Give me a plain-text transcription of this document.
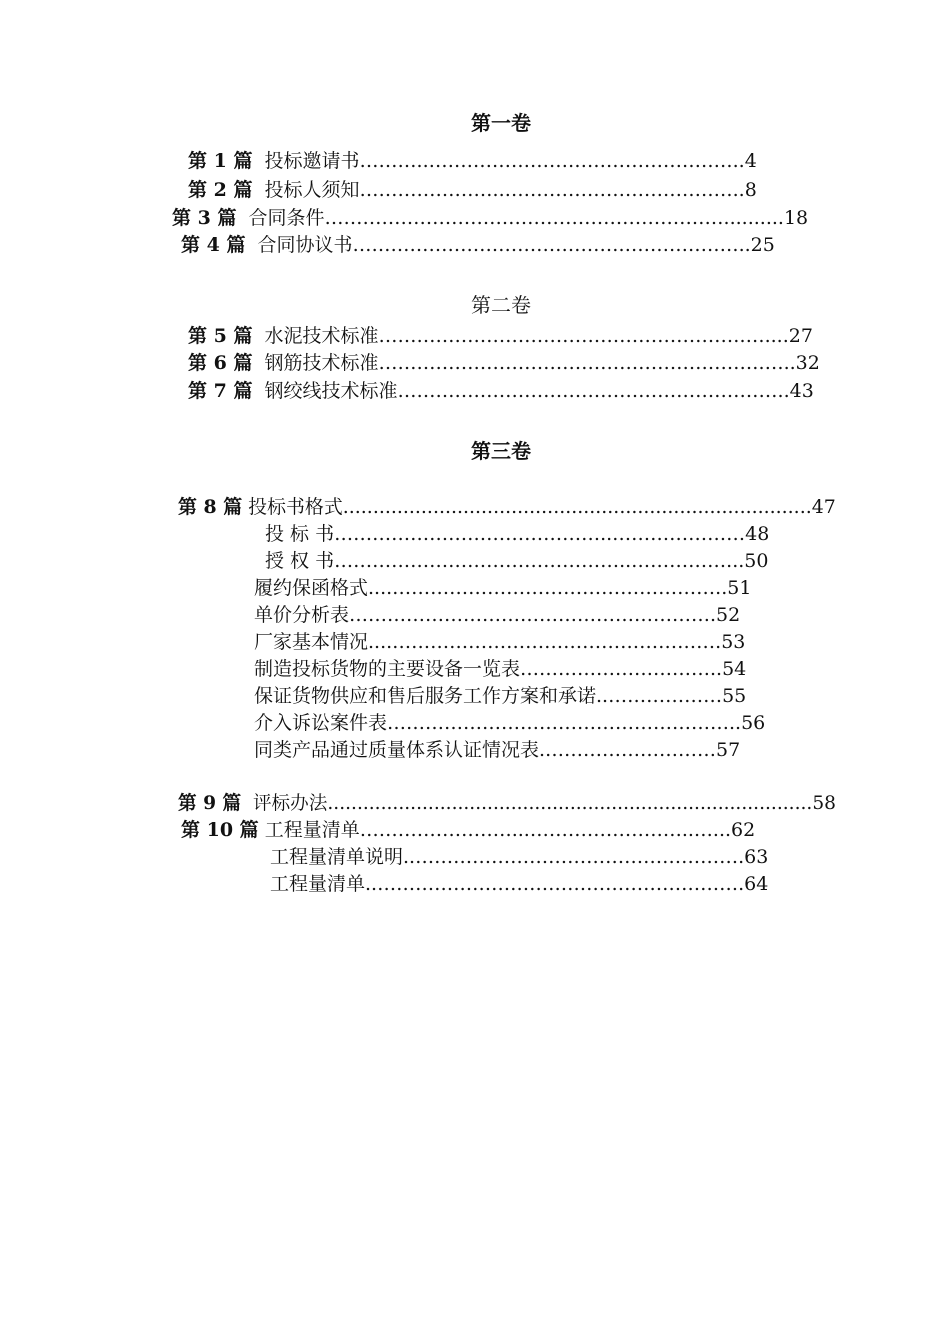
第一卷
第 1 篇 投标邀请书………..…………………………………………..4
第 2 篇 投标人须知…………………..………………………………..8
第 3 篇 合同条件………………………………………………………..........18
第 4 篇 合同协议书…………………………………….………………..25
第二卷
第 5 篇 水泥技术标准………………………………………………….…....27
第 6 篇 钢筋技术标准…………………………………………………….…..32
第 7 篇 钢绞线技术标准……………………………………………………..43
第三卷
第 8 篇 投标书格式..............................................................................47
投 标 书……………………………………..…………………48
授 权 书………………………………………..……………...50
履约保函格式....……………………………………………..51
单价分析表………………………………………………….52
厂家基本情况....…………………………………………….53
制造投标货物的主要设备一览表…………………………..54
保证货物供应和售后服务工作方案和承诺..………………55
介入诉讼案件表………………………………………………..56
同类产品通过质量体系认证情况表.………………………57
第 9 篇 评标办法..................................................................................58
第 10 篇 工程量清单……………………...……………………..…...62
工程量清单说明..…………………………………………….63
工程量清单..………………………………………………….64
